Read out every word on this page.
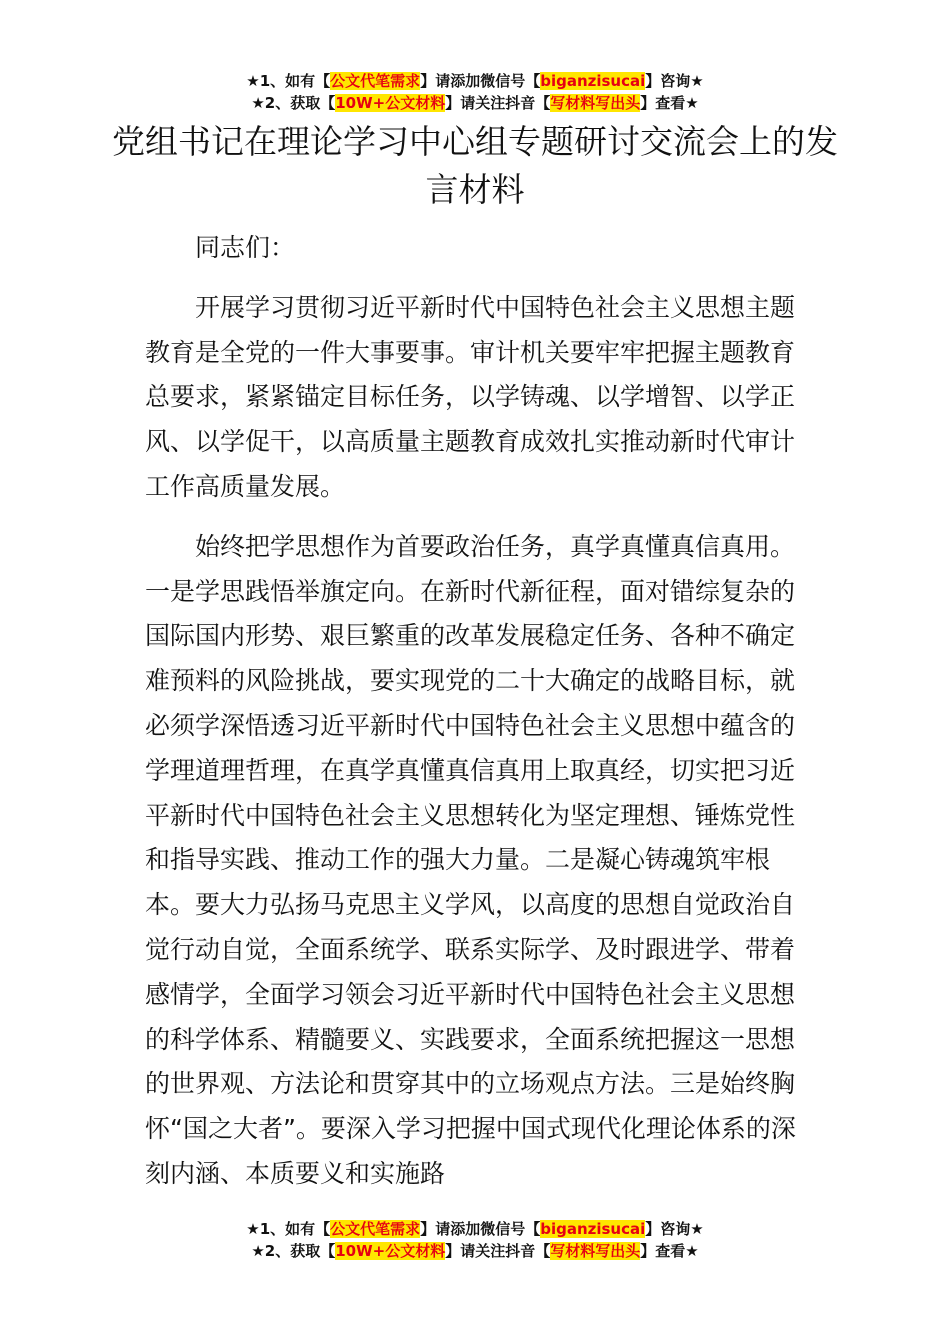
★1、如有【公文代笔需求】请添加微信号【biganzisucai】咨询★
★2、获取【10W+公文材料】请关注抖音【写材料写出头】查看★
党组书记在理论学习中心组专题研讨交流会上的发言材料

同志们：

开展学习贯彻习近平新时代中国特色社会主义思想主题教育是全党的一件大事要事。审计机关要牢牢把握主题教育总要求，紧紧锚定目标任务，以学铸魂、以学增智、以学正风、以学促干，以高质量主题教育成效扎实推动新时代审计工作高质量发展。

始终把学思想作为首要政治任务，真学真懂真信真用。一是学思践悟举旗定向。在新时代新征程，面对错综复杂的国际国内形势、艰巨繁重的改革发展稳定任务、各种不确定难预料的风险挑战，要实现党的二十大确定的战略目标，就必须学深悟透习近平新时代中国特色社会主义思想中蕴含的学理道理哲理，在真学真懂真信真用上取真经，切实把习近平新时代中国特色社会主义思想转化为坚定理想、锤炼党性和指导实践、推动工作的强大力量。二是凝心铸魂筑牢根本。要大力弘扬马克思主义学风，以高度的思想自觉政治自觉行动自觉，全面系统学、联系实际学、及时跟进学、带着感情学，全面学习领会习近平新时代中国特色社会主义思想的科学体系、精髓要义、实践要求，全面系统把握这一思想的世界观、方法论和贯穿其中的立场观点方法。三是始终胸怀“国之大者”。要深入学习把握中国式现代化理论体系的深刻内涵、本质要义和实施路

★1、如有【公文代笔需求】请添加微信号【biganzisucai】咨询★
★2、获取【10W+公文材料】请关注抖音【写材料写出头】查看★
